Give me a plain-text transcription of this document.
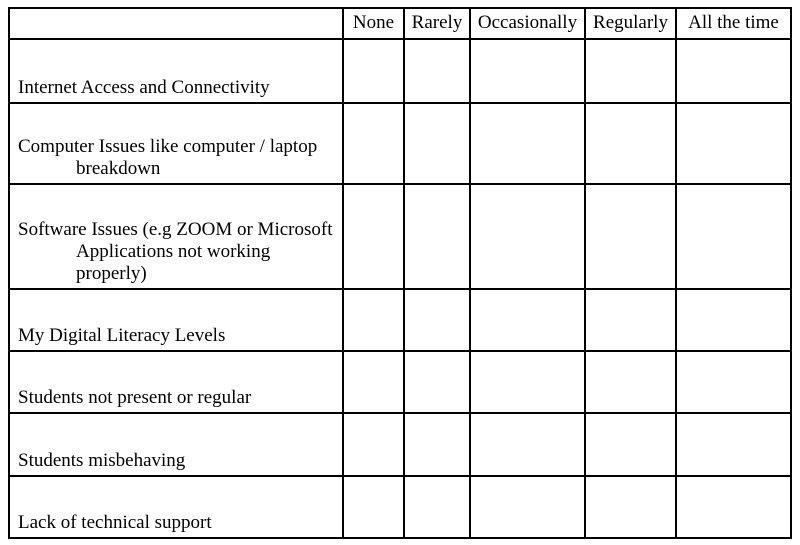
	None	Rarely	Occasionally	Regularly	All the time

Internet Access and Connectivity					

Computer Issues like computer / laptop
breakdown					

Software Issues (e.g ZOOM or Microsoft
Applications not working
properly)					

My Digital Literacy Levels					

Students not present or regular					

Students misbehaving					

Lack of technical support					
